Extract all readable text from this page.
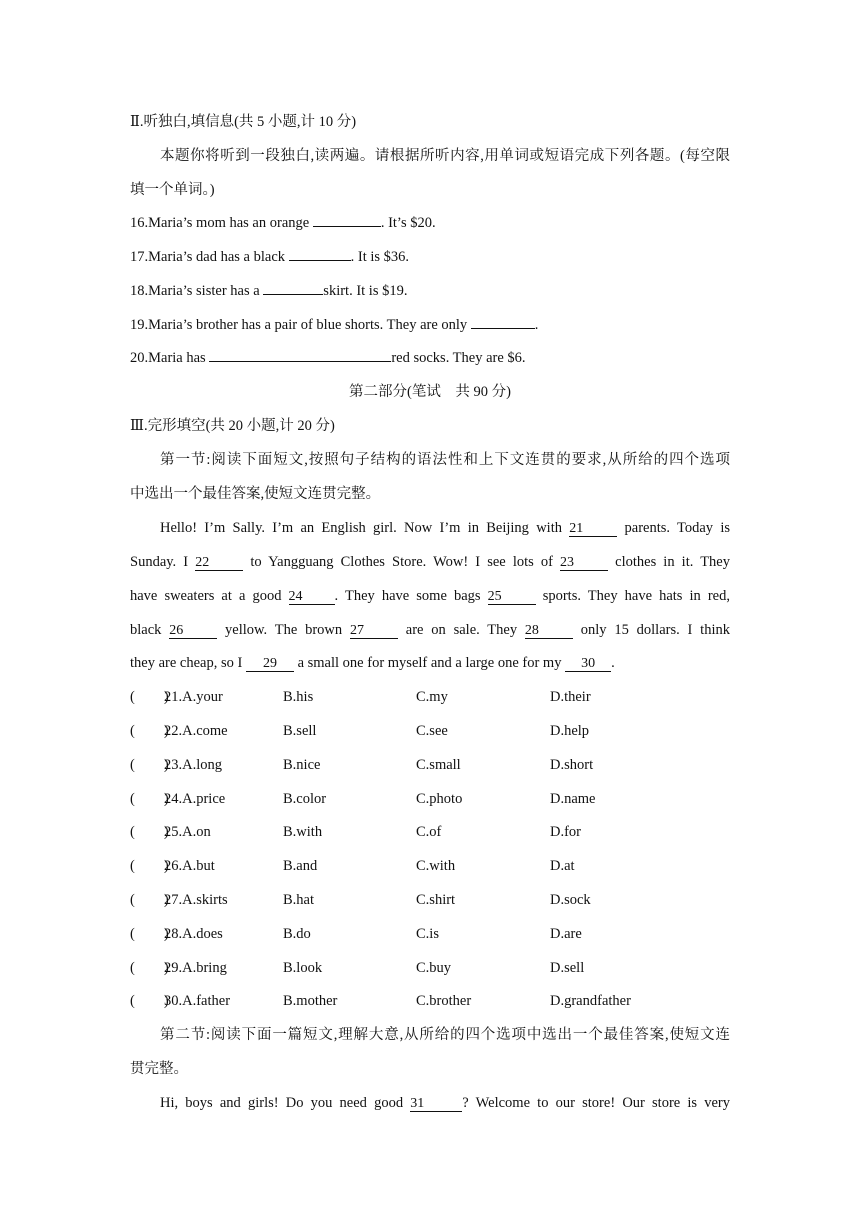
Ⅱ.听独白,填信息(共 5 小题,计 10 分)
本题你将听到一段独白,读两遍。请根据所听内容,用单词或短语完成下列各题。(每空限
填一个单词。)
16.Maria’s mom has an orange	. It’s $20.
17.Maria’s dad has a black	. It is $36.
18.Maria’s sister has a	skirt. It is $19.
19.Maria’s brother has a pair of blue shorts. They are only	.
20.Maria has	red socks. They are $6.
第二部分(笔试　共 90 分)
Ⅲ.完形填空(共 20 小题,计 20 分)
第一节:阅读下面短文,按照句子结构的语法性和上下文连贯的要求,从所给的四个选项
中选出一个最佳答案,使短文连贯完整。
Hello! I’m Sally. I’m an English girl. Now I’m in Beijing with 21 parents. Today is
Sunday. I 22 to Yangguang Clothes Store. Wow! I see lots of 23 clothes in it. They
have sweaters at a good 24 . They have some bags 25 sports. They have hats in red,
black 26 yellow. The brown 27 are on sale. They 28 only 15 dollars. I think
they are cheap, so I 29 a small one for myself and a large one for my 30 .
(　　)
21.A.your	B.his	C.my	D.their
(　　)
22.A.come	B.sell	C.see	D.help
(　　)
23.A.long	B.nice	C.small	D.short
(　　)
24.A.price	B.color	C.photo	D.name
(　　)
25.A.on	B.with	C.of	D.for
(　　)
26.A.but	B.and	C.with	D.at
(　　)
27.A.skirts	B.hat	C.shirt	D.sock
(　　)
28.A.does	B.do	C.is	D.are
(　　)
29.A.bring	B.look	C.buy	D.sell
(　　)
30.A.father	B.mother	C.brother	D.grandfather
第二节:阅读下面一篇短文,理解大意,从所给的四个选项中选出一个最佳答案,使短文连
贯完整。
Hi, boys and girls! Do you need good 31	? Welcome to our store! Our store is very
